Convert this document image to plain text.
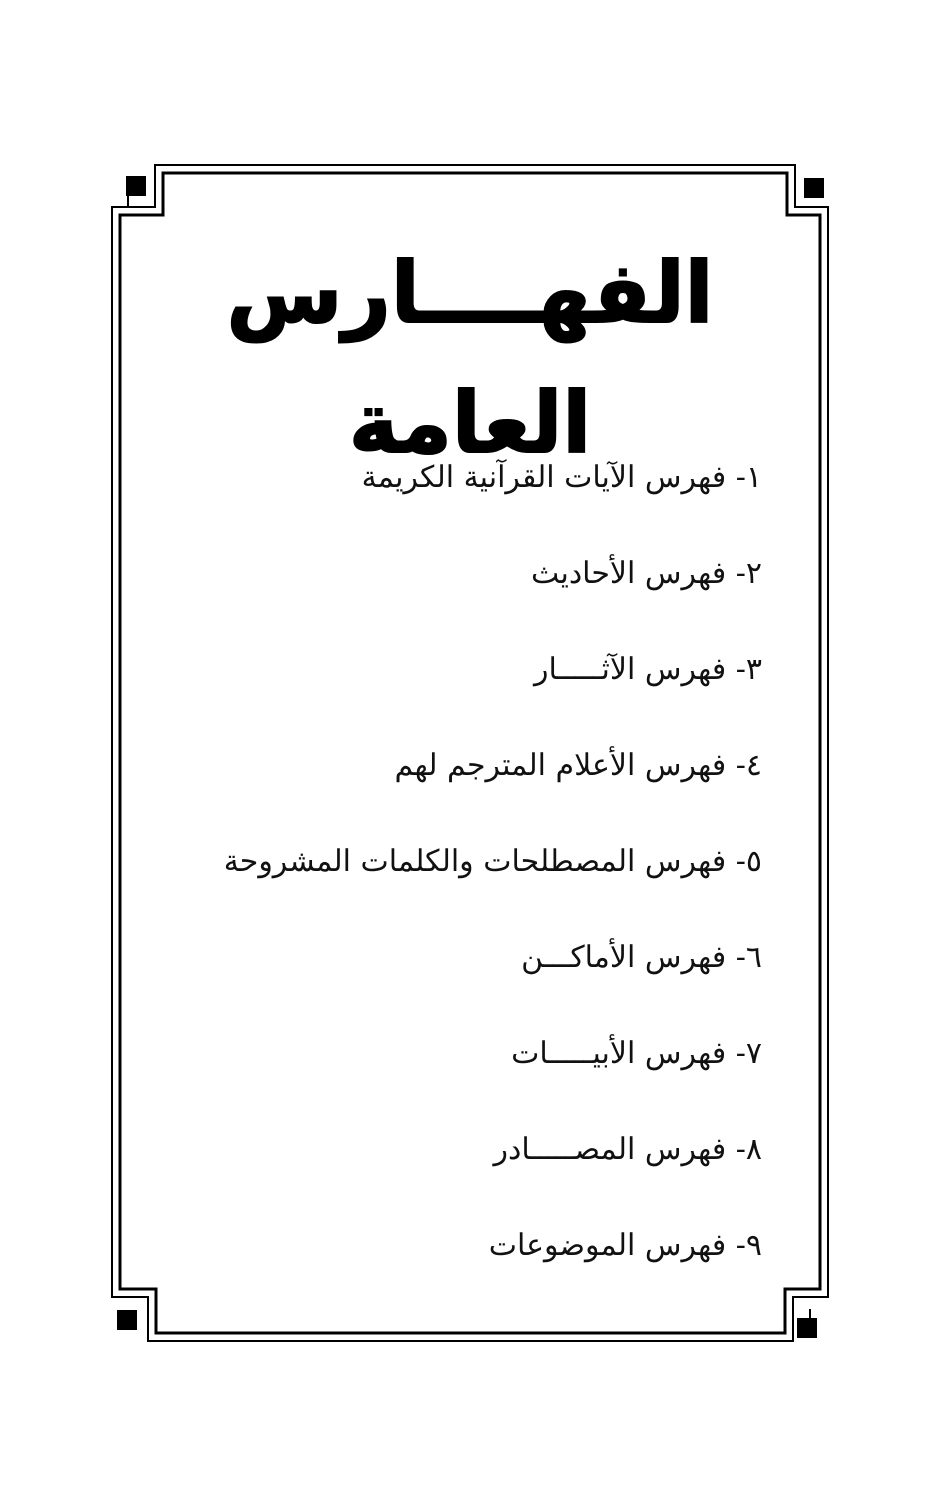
الفهــــارس العامة
١- فهرس الآيات القرآنية الكريمة
٢- فهرس الأحاديث
٣- فهرس الآثـــــار
٤- فهرس الأعلام المترجم لهم
٥- فهرس المصطلحات والكلمات المشروحة
٦- فهرس الأماكـــن
٧- فهرس الأبيـــــات
٨- فهرس المصـــــادر
٩- فهرس الموضوعات
